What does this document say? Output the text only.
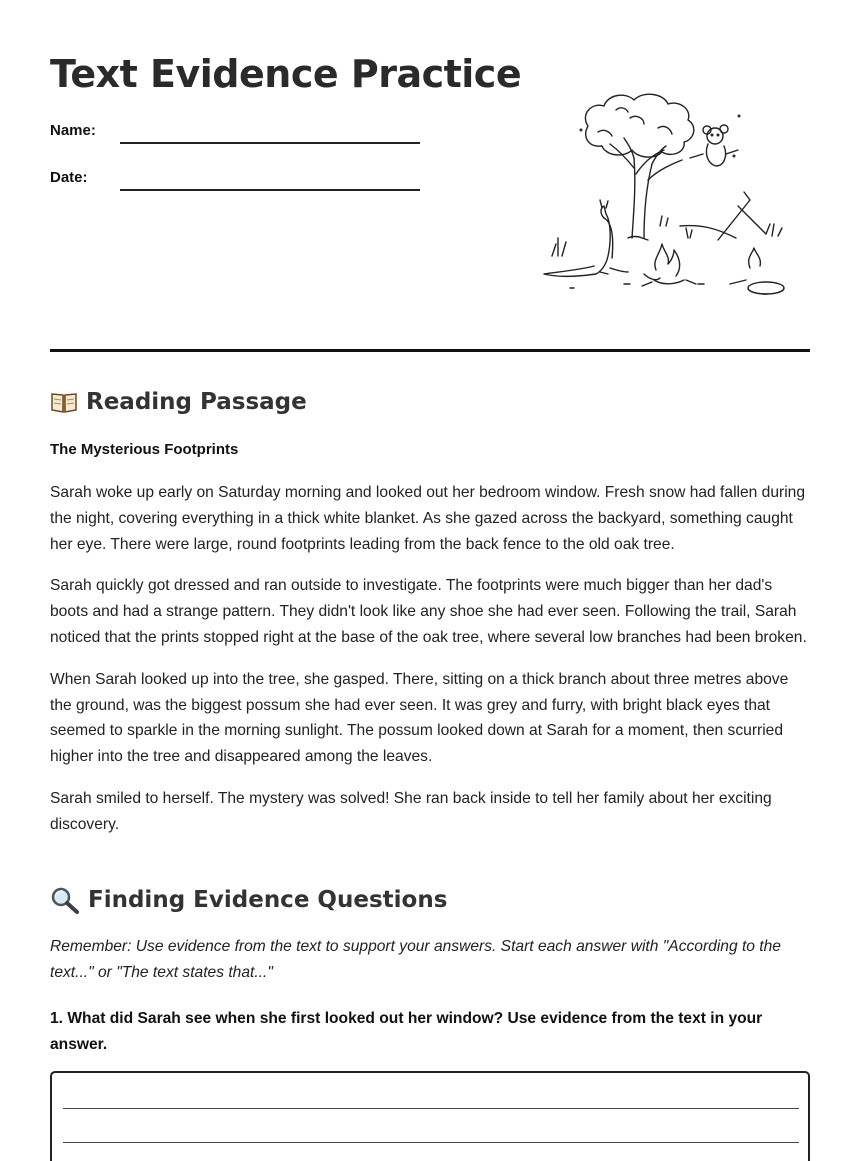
Text Evidence Practice
Name:
Date:
Reading Passage
The Mysterious Footprints

Sarah woke up early on Saturday morning and looked out her bedroom window. Fresh snow had fallen during the night, covering everything in a thick white blanket. As she gazed across the backyard, something caught her eye. There were large, round footprints leading from the back fence to the old oak tree.

Sarah quickly got dressed and ran outside to investigate. The footprints were much bigger than her dad's boots and had a strange pattern. They didn't look like any shoe she had ever seen. Following the trail, Sarah noticed that the prints stopped right at the base of the oak tree, where several low branches had been broken.

When Sarah looked up into the tree, she gasped. There, sitting on a thick branch about three metres above the ground, was the biggest possum she had ever seen. It was grey and furry, with bright black eyes that seemed to sparkle in the morning sunlight. The possum looked down at Sarah for a moment, then scurried higher into the tree and disappeared among the leaves.

Sarah smiled to herself. The mystery was solved! She ran back inside to tell her family about her exciting discovery.

Finding Evidence Questions
Remember: Use evidence from the text to support your answers. Start each answer with "According to the text..." or "The text states that..."
1. What did Sarah see when she first looked out her window? Use evidence from the text in your answer.
